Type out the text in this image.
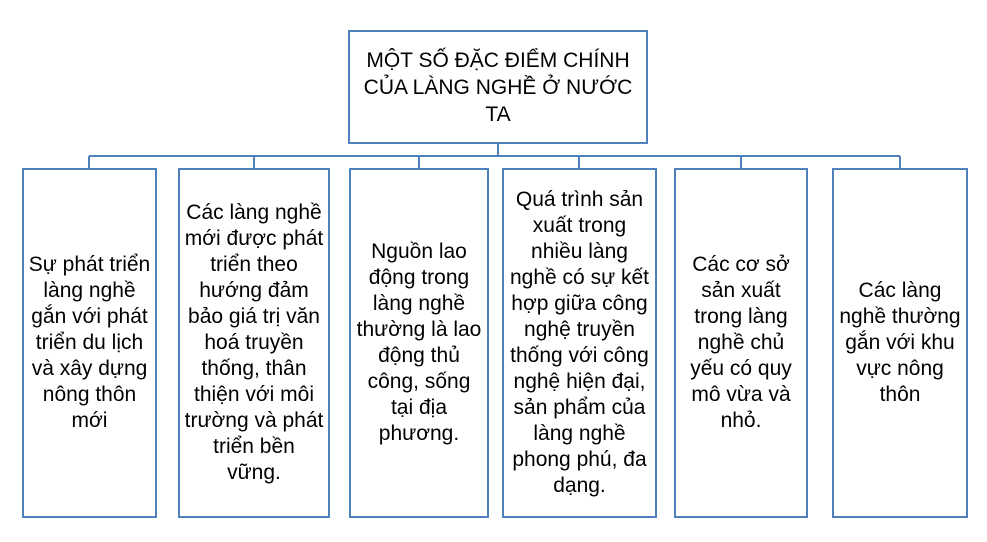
MỘT SỐ ĐẶC ĐIỂM CHÍNH
CỦA LÀNG NGHỀ Ở NƯỚC TA
Sự phát triển làng nghề gắn với phát triển du lịch và xây dựng nông thôn mới
Các làng nghề mới được phát triển theo hướng đảm bảo giá trị văn hoá truyền thống, thân thiện với môi trường và phát triển bền vững.
Nguồn lao động trong làng nghề thường là lao động thủ công, sống tại địa phương.
Quá trình sản xuất trong nhiều làng nghề có sự kết hợp giữa công nghệ truyền thống với công nghệ hiện đại, sản phẩm của làng nghề phong phú, đa dạng.
Các cơ sở sản xuất trong làng nghề chủ yếu có quy mô vừa và nhỏ.
Các làng nghề thường gắn với khu vực nông thôn
